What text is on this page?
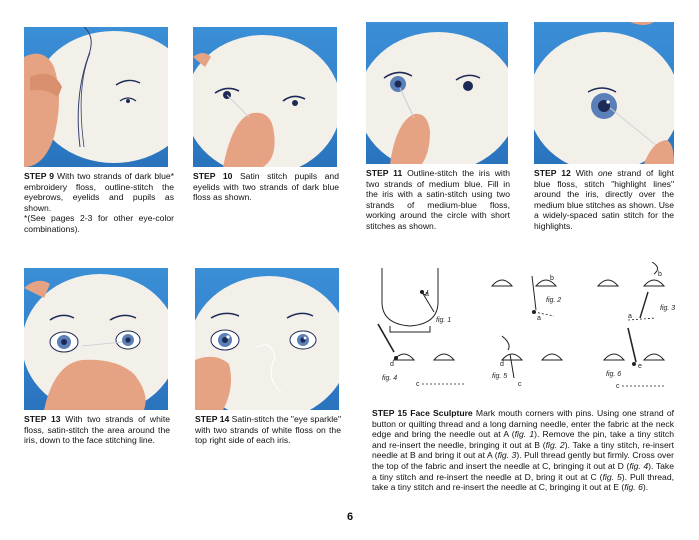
STEP 9 With two strands of dark blue* embroidery floss, outline-stitch the eyebrows, eyelids and pupils as shown.
*(See pages 2-3 for other eye-color combinations).

STEP 10 Satin stitch pupils and eyelids with two strands of dark blue floss as shown.

STEP 11 Outline-stitch the iris with two strands of medium blue. Fill in the iris with a satin-stitch using two strands of medium-blue floss, working around the circle with short stitches as shown.

STEP 12 With one strand of light blue floss, stitch "highlight lines" around the iris, directly over the medium blue stitches as shown. Use a widely-spaced satin stitch for the highlights.

STEP 13 With two strands of white floss, satin-stitch the area around the iris, down to the face stitching line.

STEP 14 Satin-stitch the "eye sparkle" with two strands of white floss on the top right side of each iris.

a
fig. 1	a
b
fig. 2
a
b
fig. 3
d
c
fig. 4
d
c
fig. 5
e
c
fig. 6

STEP 15 Face Sculpture Mark mouth corners with pins. Using one strand of button or quilting thread and a long darning needle, enter the fabric at the neck edge and bring the needle out at A (fig. 1). Remove the pin, take a tiny stitch and re-insert the needle, bringing it out at B (fig. 2). Take a tiny stitch, re-insert needle at B and bring it out at A (fig. 3). Pull thread gently but firmly. Cross over the top of the fabric and insert the needle at C, bringing it out at D (fig. 4). Take a tiny stitch and re-insert the needle at D, bring it out at C (fig. 5). Pull thread, take a tiny stitch and re-insert the needle at C, bringing it out at E (fig. 6).

6
